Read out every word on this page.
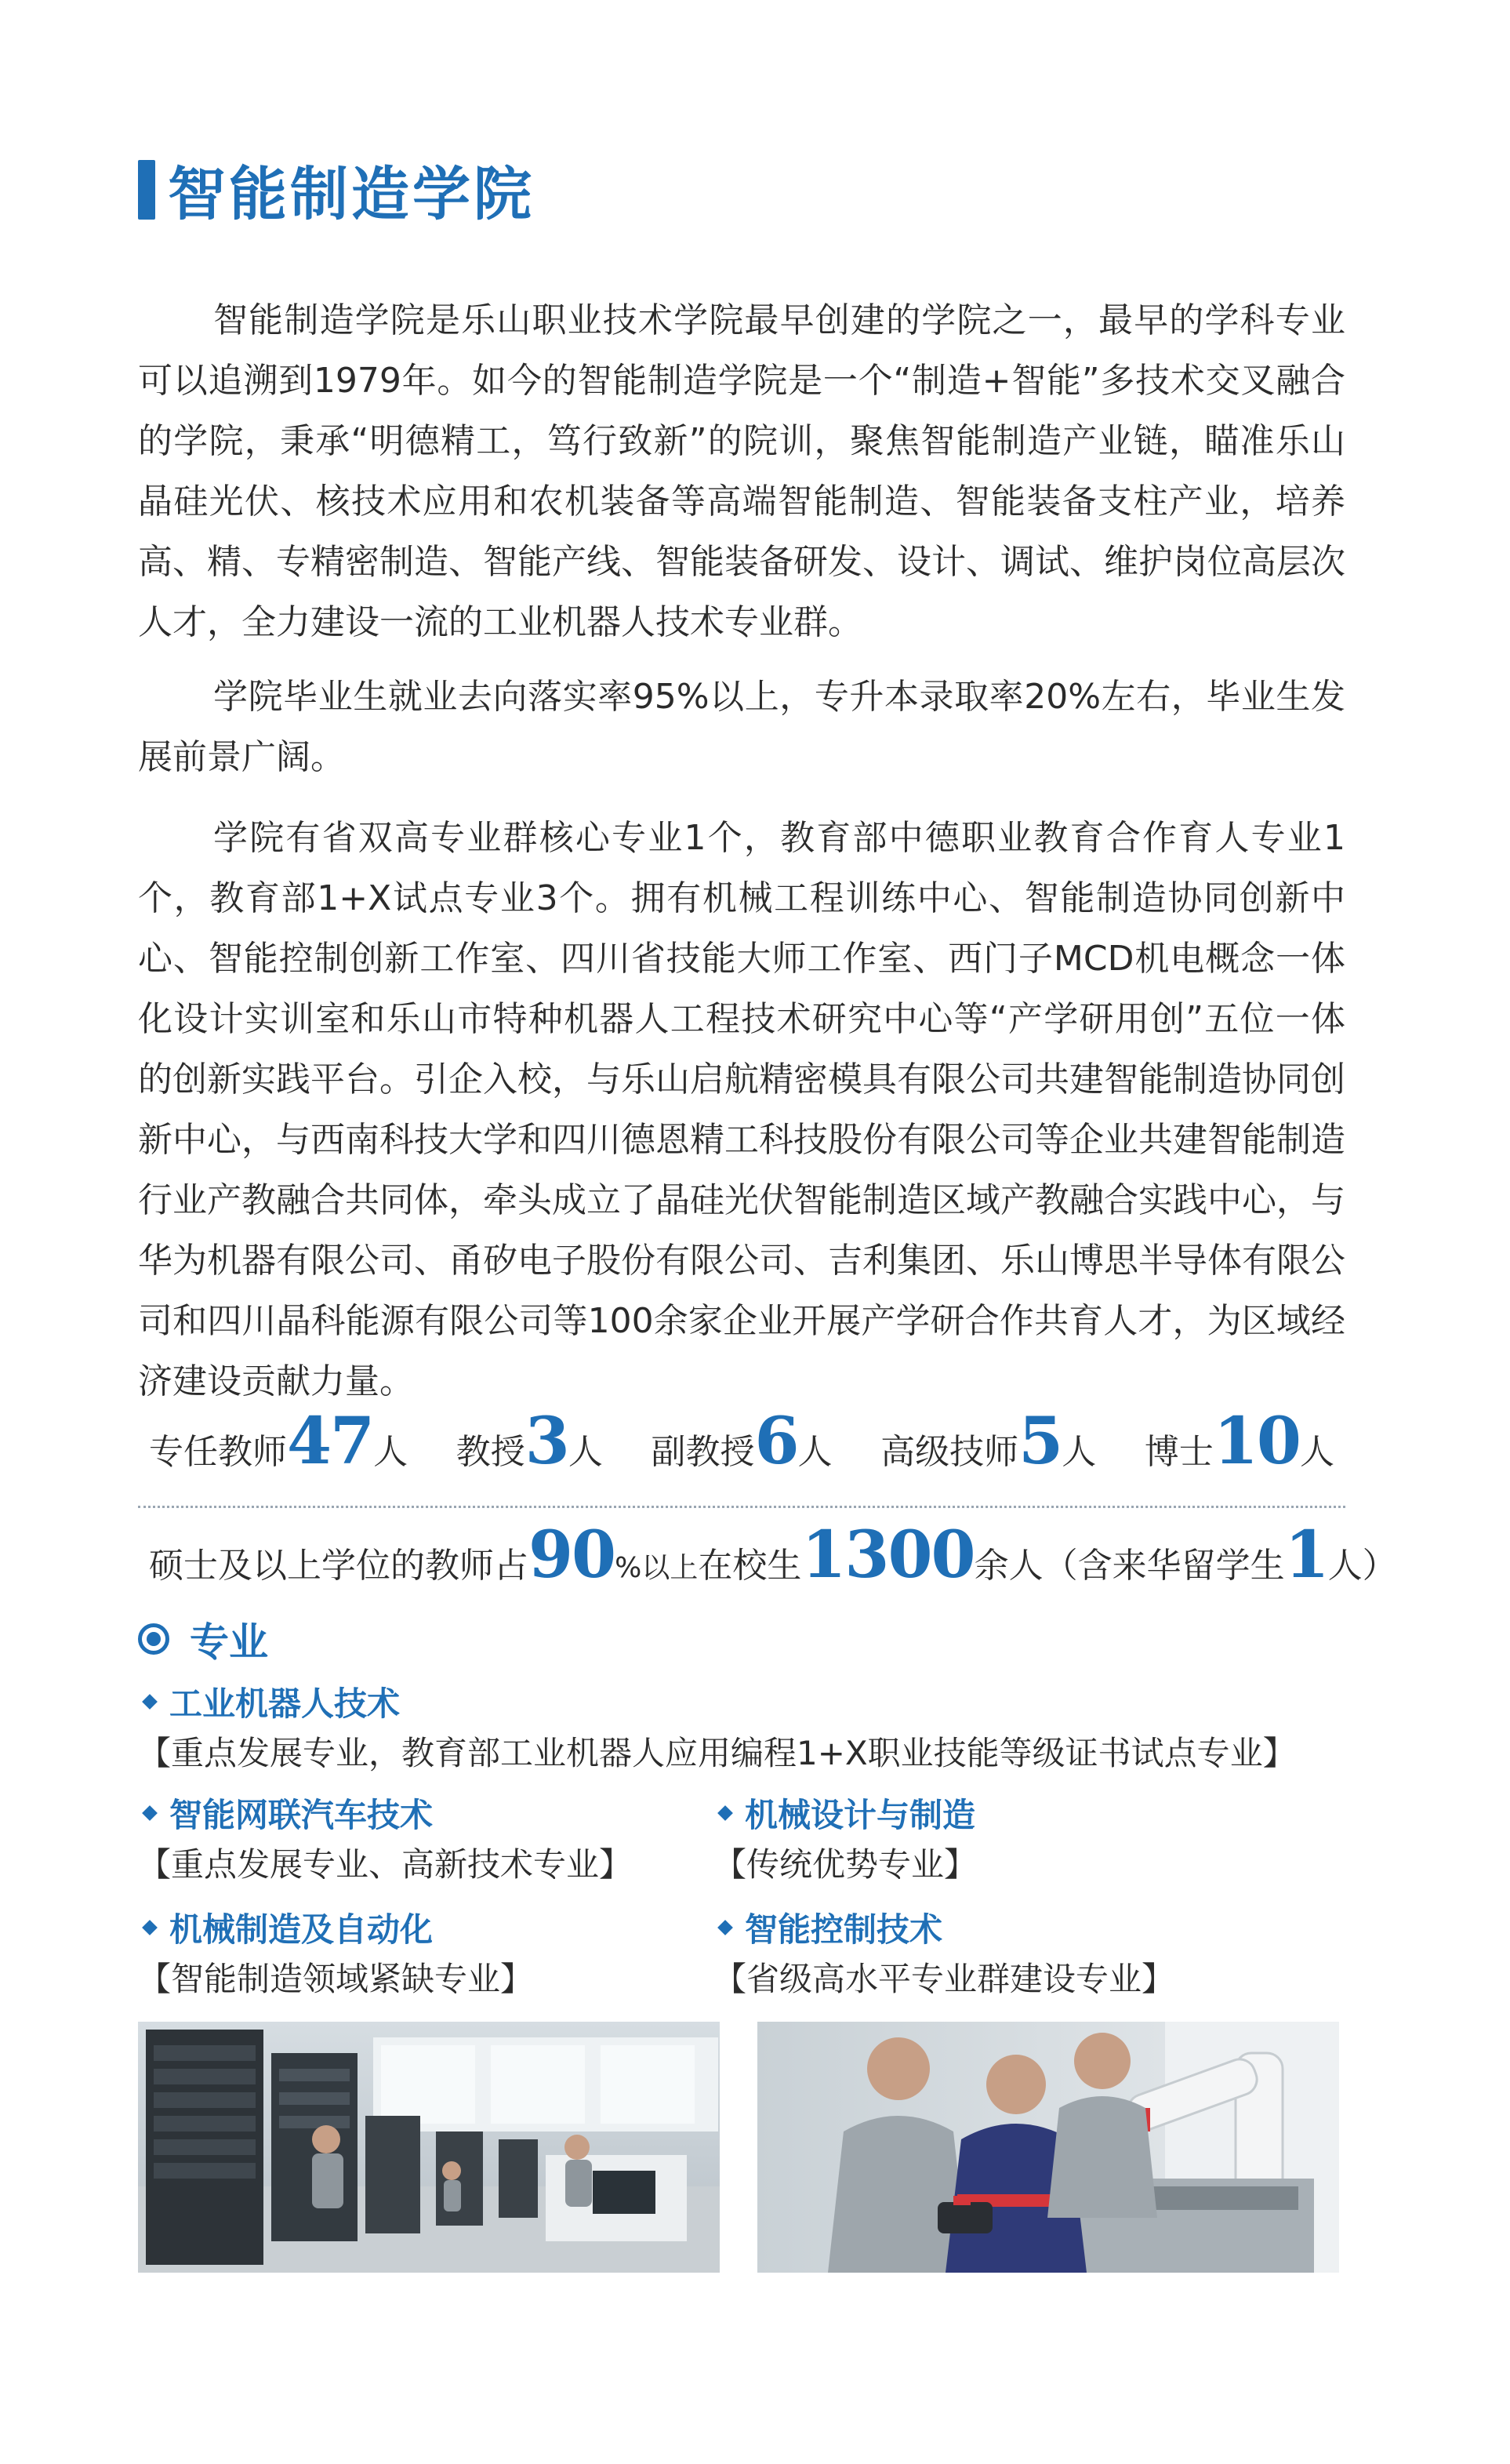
智能制造学院

智能制造学院是乐山职业技术学院最早创建的学院之一，最早的学科专业可以追溯到1979年。如今的智能制造学院是一个“制造+智能”多技术交叉融合的学院，秉承“明德精工，笃行致新”的院训，聚焦智能制造产业链，瞄准乐山晶硅光伏、核技术应用和农机装备等高端智能制造、智能装备支柱产业，培养高、精、专精密制造、智能产线、智能装备研发、设计、调试、维护岗位高层次人才，全力建设一流的工业机器人技术专业群。

学院毕业生就业去向落实率95%以上，专升本录取率20%左右，毕业生发展前景广阔。

学院有省双高专业群核心专业1个，教育部中德职业教育合作育人专业1个，教育部1+X试点专业3个。拥有机械工程训练中心、智能制造协同创新中心、智能控制创新工作室、四川省技能大师工作室、西门子MCD机电概念一体化设计实训室和乐山市特种机器人工程技术研究中心等“产学研用创”五位一体的创新实践平台。引企入校，与乐山启航精密模具有限公司共建智能制造协同创新中心，与西南科技大学和四川德恩精工科技股份有限公司等企业共建智能制造行业产教融合共同体，牵头成立了晶硅光伏智能制造区域产教融合实践中心，与华为机器有限公司、甬矽电子股份有限公司、吉利集团、乐山博思半导体有限公司和四川晶科能源有限公司等100余家企业开展产学研合作共育人才，为区域经济建设贡献力量。

专任教师47人 教授3人 副教授6人 高级技师5人 博士10人
硕士及以上学位的教师占90%以上 在校生1300余人（含来华留学生1人）
专业
工业机器人技术
【重点发展专业，教育部工业机器人应用编程1+X职业技能等级证书试点专业】
智能网联汽车技术
【重点发展专业、高新技术专业】
机械设计与制造
【传统优势专业】
机械制造及自动化
【智能制造领域紧缺专业】
智能控制技术
【省级高水平专业群建设专业】
